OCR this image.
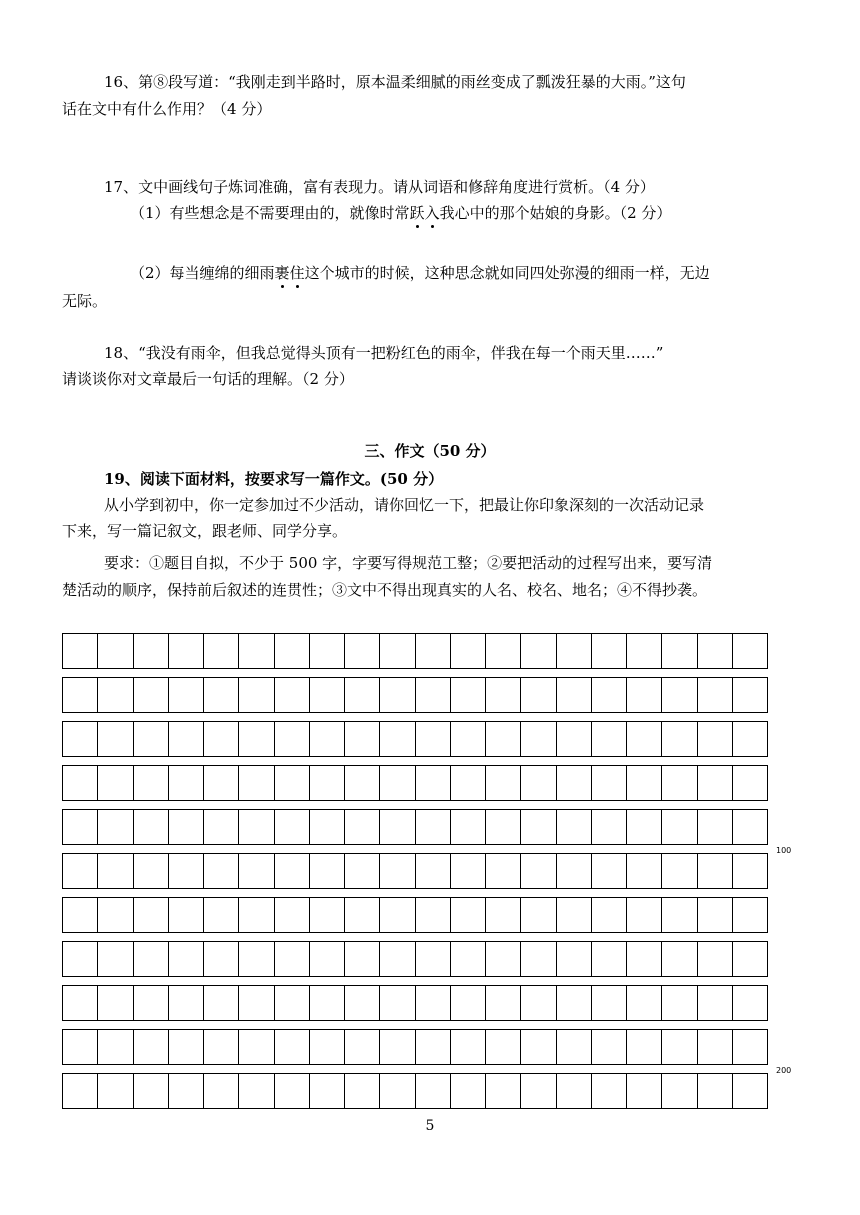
16、第⑧段写道：“我刚走到半路时，原本温柔细腻的雨丝变成了瓢泼狂暴的大雨。”这句
话在文中有什么作用？（4 分）
17、文中画线句子炼词准确，富有表现力。请从词语和修辞角度进行赏析。（4 分）
（1）有些想念是不需要理由的，就像时常跃入我心中的那个姑娘的身影。（2 分）
（2）每当缠绵的细雨裹住这个城市的时候，这种思念就如同四处弥漫的细雨一样，无边
无际。
18、“我没有雨伞，但我总觉得头顶有一把粉红色的雨伞，伴我在每一个雨天里……”
请谈谈你对文章最后一句话的理解。（2 分）
三、作文（50 分）
19、阅读下面材料，按要求写一篇作文。(50 分）
从小学到初中，你一定参加过不少活动，请你回忆一下，把最让你印象深刻的一次活动记录
下来，写一篇记叙文，跟老师、同学分享。
要求：①题目自拟，不少于 500 字，字要写得规范工整；②要把活动的过程写出来，要写清
楚活动的顺序，保持前后叙述的连贯性；③文中不得出现真实的人名、校名、地名；④不得抄袭。
100
200
5
